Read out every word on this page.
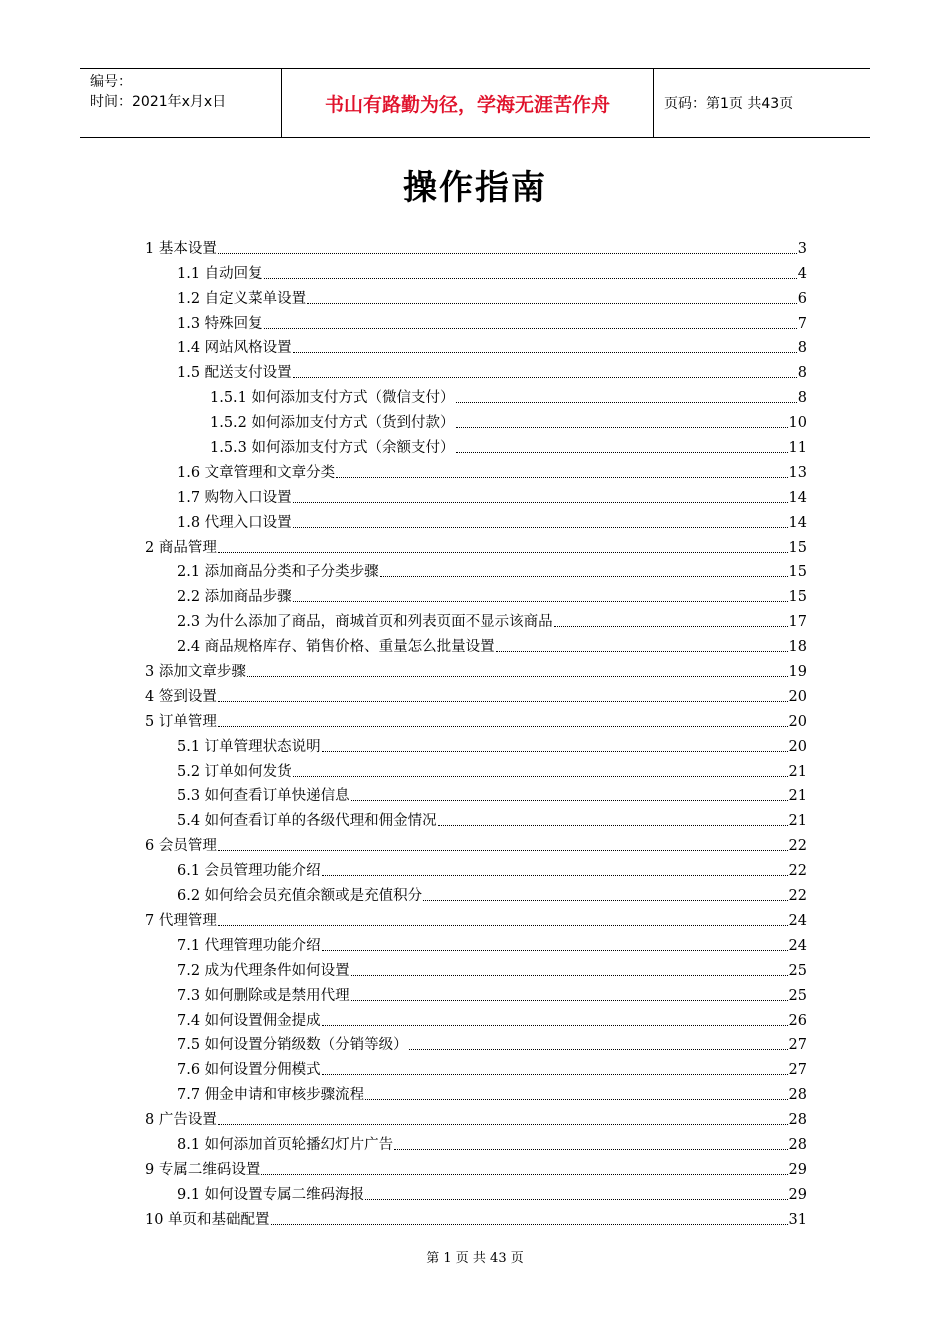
编号：
时间：2021年x月x日	书山有路勤为径，学海无涯苦作舟	页码：第1页 共43页
操作指南
1 基本设置	3
1.1 自动回复	4
1.2 自定义菜单设置	6
1.3 特殊回复	7
1.4 网站风格设置	8
1.5 配送支付设置	8
1.5.1 如何添加支付方式（微信支付）	8
1.5.2 如何添加支付方式（货到付款）	10
1.5.3 如何添加支付方式（余额支付）	11
1.6 文章管理和文章分类	13
1.7 购物入口设置	14
1.8 代理入口设置	14
2 商品管理	15
2.1 添加商品分类和子分类步骤	15
2.2 添加商品步骤	15
2.3 为什么添加了商品，商城首页和列表页面不显示该商品	17
2.4 商品规格库存、销售价格、重量怎么批量设置	18
3 添加文章步骤	19
4 签到设置	20
5 订单管理	20
5.1 订单管理状态说明	20
5.2 订单如何发货	21
5.3 如何查看订单快递信息	21
5.4 如何查看订单的各级代理和佣金情况	21
6 会员管理	22
6.1 会员管理功能介绍	22
6.2 如何给会员充值余额或是充值积分	22
7 代理管理	24
7.1 代理管理功能介绍	24
7.2 成为代理条件如何设置	25
7.3 如何删除或是禁用代理	25
7.4 如何设置佣金提成	26
7.5 如何设置分销级数（分销等级）	27
7.6 如何设置分佣模式	27
7.7 佣金申请和审核步骤流程	28
8 广告设置	28
8.1 如何添加首页轮播幻灯片广告	28
9 专属二维码设置	29
9.1 如何设置专属二维码海报	29
10 单页和基础配置	31
第 1 页 共 43 页
